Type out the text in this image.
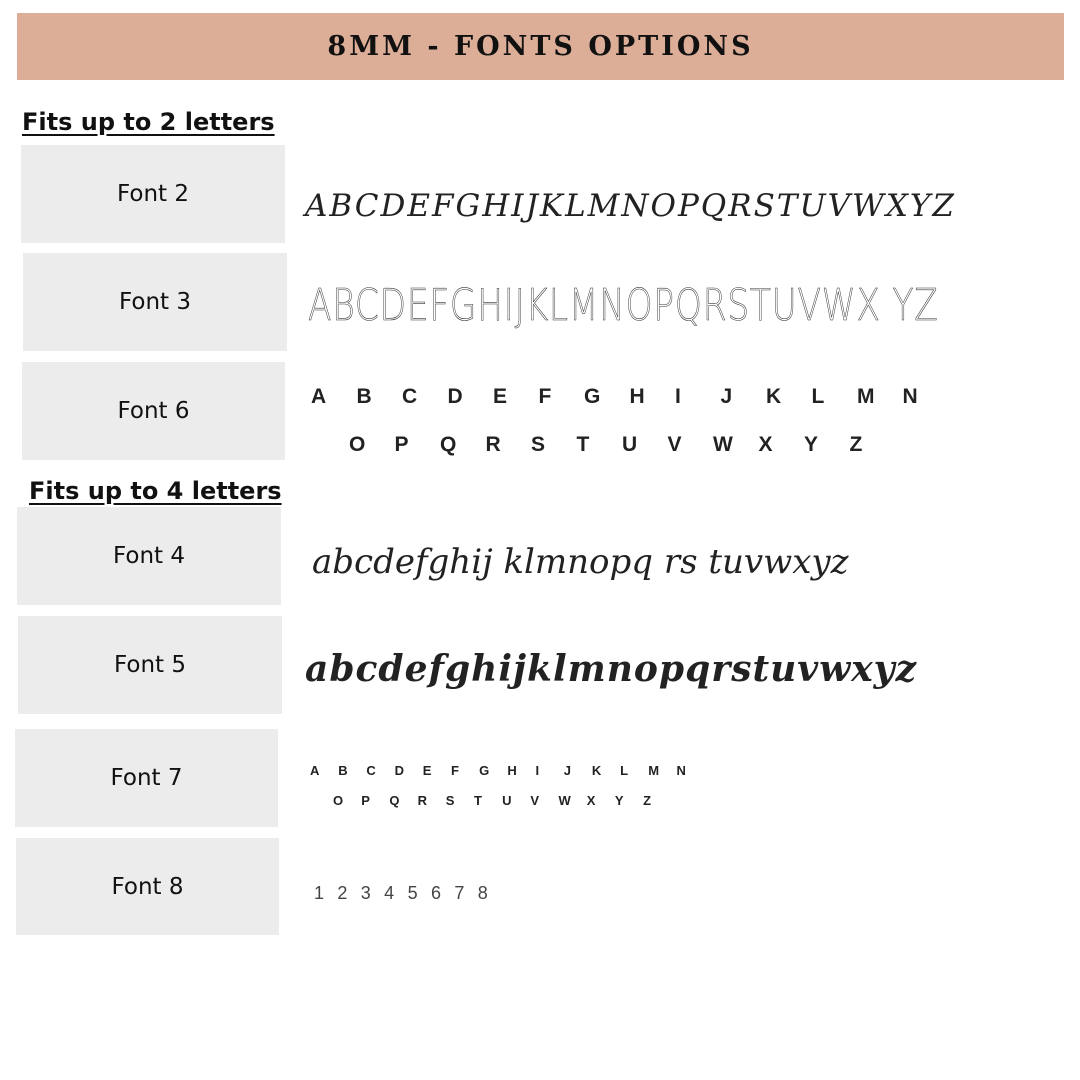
8MM - FONTS OPTIONS
Fits up to 2 letters
Font 2	ABCDEFGHIJKLMNOPQRSTUVWXYZ
Font 3	ABCDEFGHIJKLMNOPQRSTUVWX YZ
Font 6
A B C D E F G H I J K L M N
O P Q R S T U V W X Y Z
Fits up to 4 letters
Font 4	abcdefghij klmnopq rs tuvwxyz
Font 5	abcdefghijklmnopqrstuvwxyz
Font 7	A B C D E F G H I J K L M N
O P Q R S T U V W X Y Z
Font 8	1 2 3 4 5 6 7 8
